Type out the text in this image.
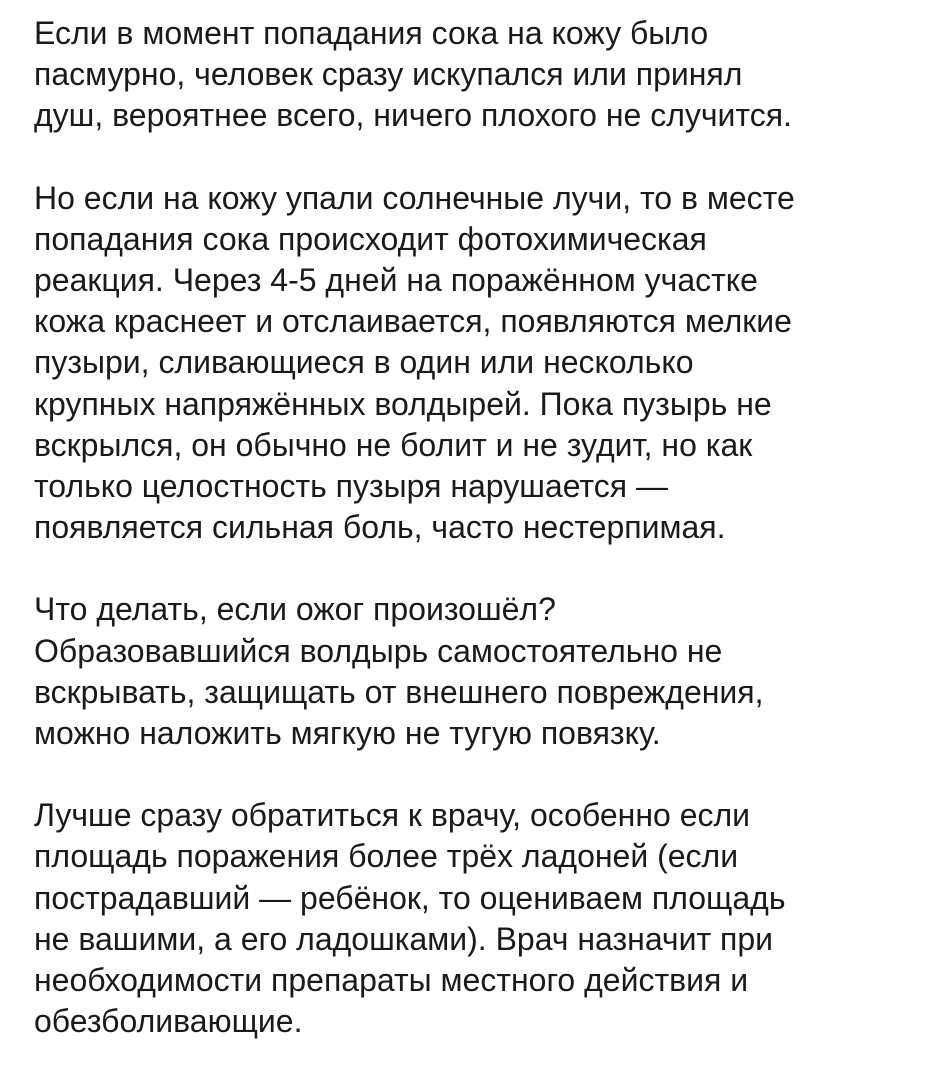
Если в момент попадания сока на кожу было
пасмурно, человек сразу искупался или принял
душ, вероятнее всего, ничего плохого не случится.

Но если на кожу упали солнечные лучи, то в месте
попадания сока происходит фотохимическая
реакция. Через 4-5 дней на поражённом участке
кожа краснеет и отслаивается, появляются мелкие
пузыри, сливающиеся в один или несколько
крупных напряжённых волдырей. Пока пузырь не
вскрылся, он обычно не болит и не зудит, но как
только целостность пузыря нарушается —
появляется сильная боль, часто нестерпимая.

Что делать, если ожог произошёл?
Образовавшийся волдырь самостоятельно не
вскрывать, защищать от внешнего повреждения,
можно наложить мягкую не тугую повязку.

Лучше сразу обратиться к врачу, особенно если
площадь поражения более трёх ладоней (если
пострадавший — ребёнок, то оцениваем площадь
не вашими, а его ладошками). Врач назначит при
необходимости препараты местного действия и
обезболивающие.
